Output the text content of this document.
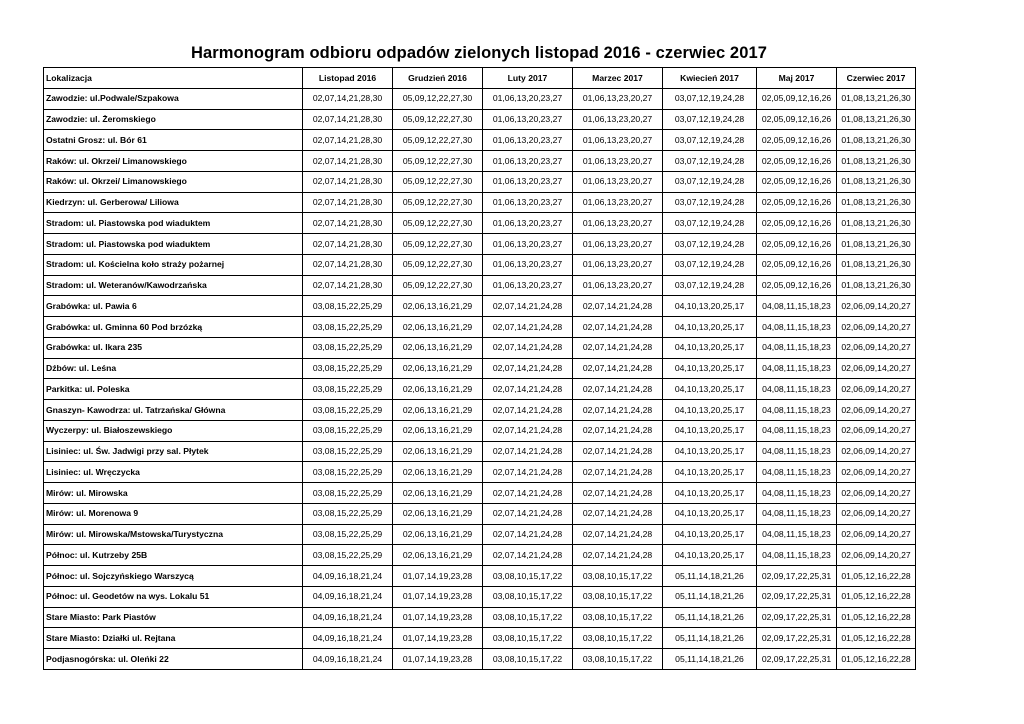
Harmonogram odbioru odpadów zielonych listopad 2016 - czerwiec 2017
Lokalizacja	Listopad 2016	Grudzień 2016	Luty 2017	Marzec 2017	Kwiecień 2017	Maj 2017	Czerwiec 2017
Zawodzie: ul.Podwale/Szpakowa	02,07,14,21,28,30	05,09,12,22,27,30	01,06,13,20,23,27	01,06,13,23,20,27	03,07,12,19,24,28	02,05,09,12,16,26	01,08,13,21,26,30
Zawodzie: ul. Żeromskiego	02,07,14,21,28,30	05,09,12,22,27,30	01,06,13,20,23,27	01,06,13,23,20,27	03,07,12,19,24,28	02,05,09,12,16,26	01,08,13,21,26,30
Ostatni Grosz: ul. Bór 61	02,07,14,21,28,30	05,09,12,22,27,30	01,06,13,20,23,27	01,06,13,23,20,27	03,07,12,19,24,28	02,05,09,12,16,26	01,08,13,21,26,30
Raków: ul. Okrzei/ Limanowskiego	02,07,14,21,28,30	05,09,12,22,27,30	01,06,13,20,23,27	01,06,13,23,20,27	03,07,12,19,24,28	02,05,09,12,16,26	01,08,13,21,26,30
Raków: ul. Okrzei/ Limanowskiego	02,07,14,21,28,30	05,09,12,22,27,30	01,06,13,20,23,27	01,06,13,23,20,27	03,07,12,19,24,28	02,05,09,12,16,26	01,08,13,21,26,30
Kiedrzyn: ul. Gerberowa/ Liliowa	02,07,14,21,28,30	05,09,12,22,27,30	01,06,13,20,23,27	01,06,13,23,20,27	03,07,12,19,24,28	02,05,09,12,16,26	01,08,13,21,26,30
Stradom: ul. Piastowska pod wiaduktem	02,07,14,21,28,30	05,09,12,22,27,30	01,06,13,20,23,27	01,06,13,23,20,27	03,07,12,19,24,28	02,05,09,12,16,26	01,08,13,21,26,30
Stradom: ul. Piastowska pod wiaduktem	02,07,14,21,28,30	05,09,12,22,27,30	01,06,13,20,23,27	01,06,13,23,20,27	03,07,12,19,24,28	02,05,09,12,16,26	01,08,13,21,26,30
Stradom: ul. Kościelna koło straży pożarnej	02,07,14,21,28,30	05,09,12,22,27,30	01,06,13,20,23,27	01,06,13,23,20,27	03,07,12,19,24,28	02,05,09,12,16,26	01,08,13,21,26,30
Stradom: ul. Weteranów/Kawodrzańska	02,07,14,21,28,30	05,09,12,22,27,30	01,06,13,20,23,27	01,06,13,23,20,27	03,07,12,19,24,28	02,05,09,12,16,26	01,08,13,21,26,30
Grabówka: ul. Pawia 6	03,08,15,22,25,29	02,06,13,16,21,29	02,07,14,21,24,28	02,07,14,21,24,28	04,10,13,20,25,17	04,08,11,15,18,23	02,06,09,14,20,27
Grabówka: ul. Gminna 60 Pod brzózką	03,08,15,22,25,29	02,06,13,16,21,29	02,07,14,21,24,28	02,07,14,21,24,28	04,10,13,20,25,17	04,08,11,15,18,23	02,06,09,14,20,27
Grabówka: ul. Ikara 235	03,08,15,22,25,29	02,06,13,16,21,29	02,07,14,21,24,28	02,07,14,21,24,28	04,10,13,20,25,17	04,08,11,15,18,23	02,06,09,14,20,27
Dźbów: ul. Leśna	03,08,15,22,25,29	02,06,13,16,21,29	02,07,14,21,24,28	02,07,14,21,24,28	04,10,13,20,25,17	04,08,11,15,18,23	02,06,09,14,20,27
Parkitka: ul. Poleska	03,08,15,22,25,29	02,06,13,16,21,29	02,07,14,21,24,28	02,07,14,21,24,28	04,10,13,20,25,17	04,08,11,15,18,23	02,06,09,14,20,27
Gnaszyn- Kawodrza: ul. Tatrzańska/ Główna	03,08,15,22,25,29	02,06,13,16,21,29	02,07,14,21,24,28	02,07,14,21,24,28	04,10,13,20,25,17	04,08,11,15,18,23	02,06,09,14,20,27
Wyczerpy: ul. Białoszewskiego	03,08,15,22,25,29	02,06,13,16,21,29	02,07,14,21,24,28	02,07,14,21,24,28	04,10,13,20,25,17	04,08,11,15,18,23	02,06,09,14,20,27
Lisiniec: ul. Św. Jadwigi przy sal. Płytek	03,08,15,22,25,29	02,06,13,16,21,29	02,07,14,21,24,28	02,07,14,21,24,28	04,10,13,20,25,17	04,08,11,15,18,23	02,06,09,14,20,27
Lisiniec: ul. Wręczycka	03,08,15,22,25,29	02,06,13,16,21,29	02,07,14,21,24,28	02,07,14,21,24,28	04,10,13,20,25,17	04,08,11,15,18,23	02,06,09,14,20,27
Mirów: ul. Mirowska	03,08,15,22,25,29	02,06,13,16,21,29	02,07,14,21,24,28	02,07,14,21,24,28	04,10,13,20,25,17	04,08,11,15,18,23	02,06,09,14,20,27
Mirów: ul. Morenowa 9	03,08,15,22,25,29	02,06,13,16,21,29	02,07,14,21,24,28	02,07,14,21,24,28	04,10,13,20,25,17	04,08,11,15,18,23	02,06,09,14,20,27
Mirów: ul. Mirowska/Mstowska/Turystyczna	03,08,15,22,25,29	02,06,13,16,21,29	02,07,14,21,24,28	02,07,14,21,24,28	04,10,13,20,25,17	04,08,11,15,18,23	02,06,09,14,20,27
Północ: ul. Kutrzeby 25B	03,08,15,22,25,29	02,06,13,16,21,29	02,07,14,21,24,28	02,07,14,21,24,28	04,10,13,20,25,17	04,08,11,15,18,23	02,06,09,14,20,27
Północ: ul. Sojczyńskiego Warszycą	04,09,16,18,21,24	01,07,14,19,23,28	03,08,10,15,17,22	03,08,10,15,17,22	05,11,14,18,21,26	02,09,17,22,25,31	01,05,12,16,22,28
Północ: ul. Geodetów na wys. Lokalu 51	04,09,16,18,21,24	01,07,14,19,23,28	03,08,10,15,17,22	03,08,10,15,17,22	05,11,14,18,21,26	02,09,17,22,25,31	01,05,12,16,22,28
Stare Miasto: Park Piastów	04,09,16,18,21,24	01,07,14,19,23,28	03,08,10,15,17,22	03,08,10,15,17,22	05,11,14,18,21,26	02,09,17,22,25,31	01,05,12,16,22,28
Stare Miasto: Działki ul. Rejtana	04,09,16,18,21,24	01,07,14,19,23,28	03,08,10,15,17,22	03,08,10,15,17,22	05,11,14,18,21,26	02,09,17,22,25,31	01,05,12,16,22,28
Podjasnogórska: ul. Oleńki 22	04,09,16,18,21,24	01,07,14,19,23,28	03,08,10,15,17,22	03,08,10,15,17,22	05,11,14,18,21,26	02,09,17,22,25,31	01,05,12,16,22,28
